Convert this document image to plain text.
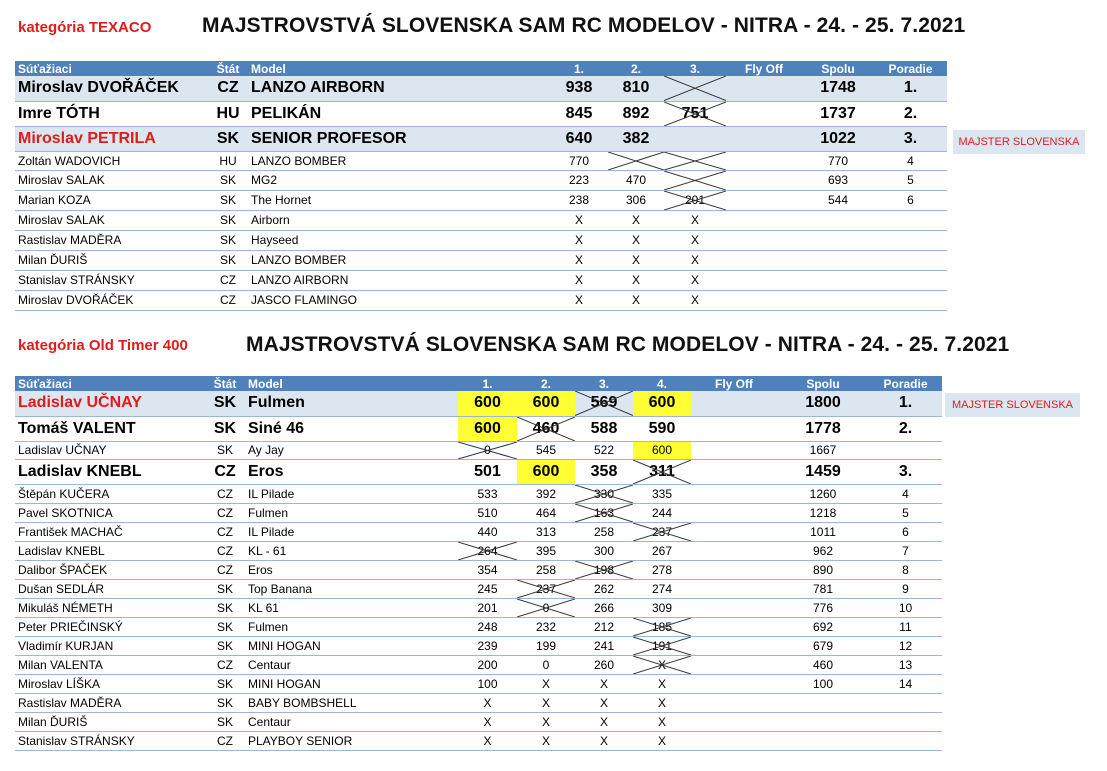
kategória TEXACO MAJSTROVSTVÁ SLOVENSKA SAM RC MODELOV - NITRA - 24. - 25. 7.2021
Súťažiaci	Štát	Model	1.	2.	3.	Fly Off	Spolu	Poradie
Miroslav DVOŘÁČEK	CZ	LANZO AIRBORN	938	810			1748	1.
Imre TÓTH	HU	PELIKÁN	845	892	751		1737	2.
Miroslav PETRILA	SK	SENIOR PROFESOR	640	382			1022	3.
Zoltán WADOVICH	HU	LANZO BOMBER	770				770	4
Miroslav SALAK	SK	MG2	223	470			693	5
Marian KOZA	SK	The Hornet	238	306	201		544	6
Miroslav SALAK	SK	Airborn	X	X	X			
Rastislav MADĚRA	SK	Hayseed	X	X	X			
Milan ĎURIŠ	SK	LANZO BOMBER	X	X	X			
Stanislav STRÁNSKY	CZ	LANZO AIRBORN	X	X	X			
Miroslav DVOŘÁČEK	CZ	JASCO FLAMINGO	X	X	X			
MAJSTER SLOVENSKA
kategória Old Timer 400	MAJSTROVSTVÁ SLOVENSKA SAM RC MODELOV - NITRA - 24. - 25. 7.2021
Súťažiaci	Štát	Model	1.	2.	3.	4.	Fly Off	Spolu	Poradie
Ladislav UČNAY	SK	Fulmen	600	600	569	600		1800	1.
Tomáš VALENT	SK	Siné 46	600	460	588	590		1778	2.
Ladislav UČNAY	SK	Ay Jay	0	545	522	600		1667	
Ladislav KNEBL	CZ	Eros	501	600	358	311		1459	3.
Štěpán KUČERA	CZ	IL Pilade	533	392	330	335		1260	4
Pavel SKOTNICA	CZ	Fulmen	510	464	163	244		1218	5
František MACHAČ	CZ	IL Pilade	440	313	258	237		1011	6
Ladislav KNEBL	CZ	KL - 61	264	395	300	267		962	7
Dalibor ŠPAČEK	CZ	Eros	354	258	198	278		890	8
Dušan SEDLÁR	SK	Top Banana	245	237	262	274		781	9
Mikuláš NÉMETH	SK	KL 61	201	0	266	309		776	10
Peter PRIEČINSKÝ	SK	Fulmen	248	232	212	185		692	11
Vladimír KURJAN	SK	MINI HOGAN	239	199	241	191		679	12
Milan VALENTA	CZ	Centaur	200	0	260	X		460	13
Miroslav LÍŠKA	SK	MINI HOGAN	100	X	X	X		100	14
Rastislav MADĚRA	SK	BABY BOMBSHELL	X	X	X	X			
Milan ĎURIŠ	SK	Centaur	X	X	X	X			
Stanislav STRÁNSKY	CZ	PLAYBOY SENIOR	X	X	X	X			
MAJSTER SLOVENSKA
